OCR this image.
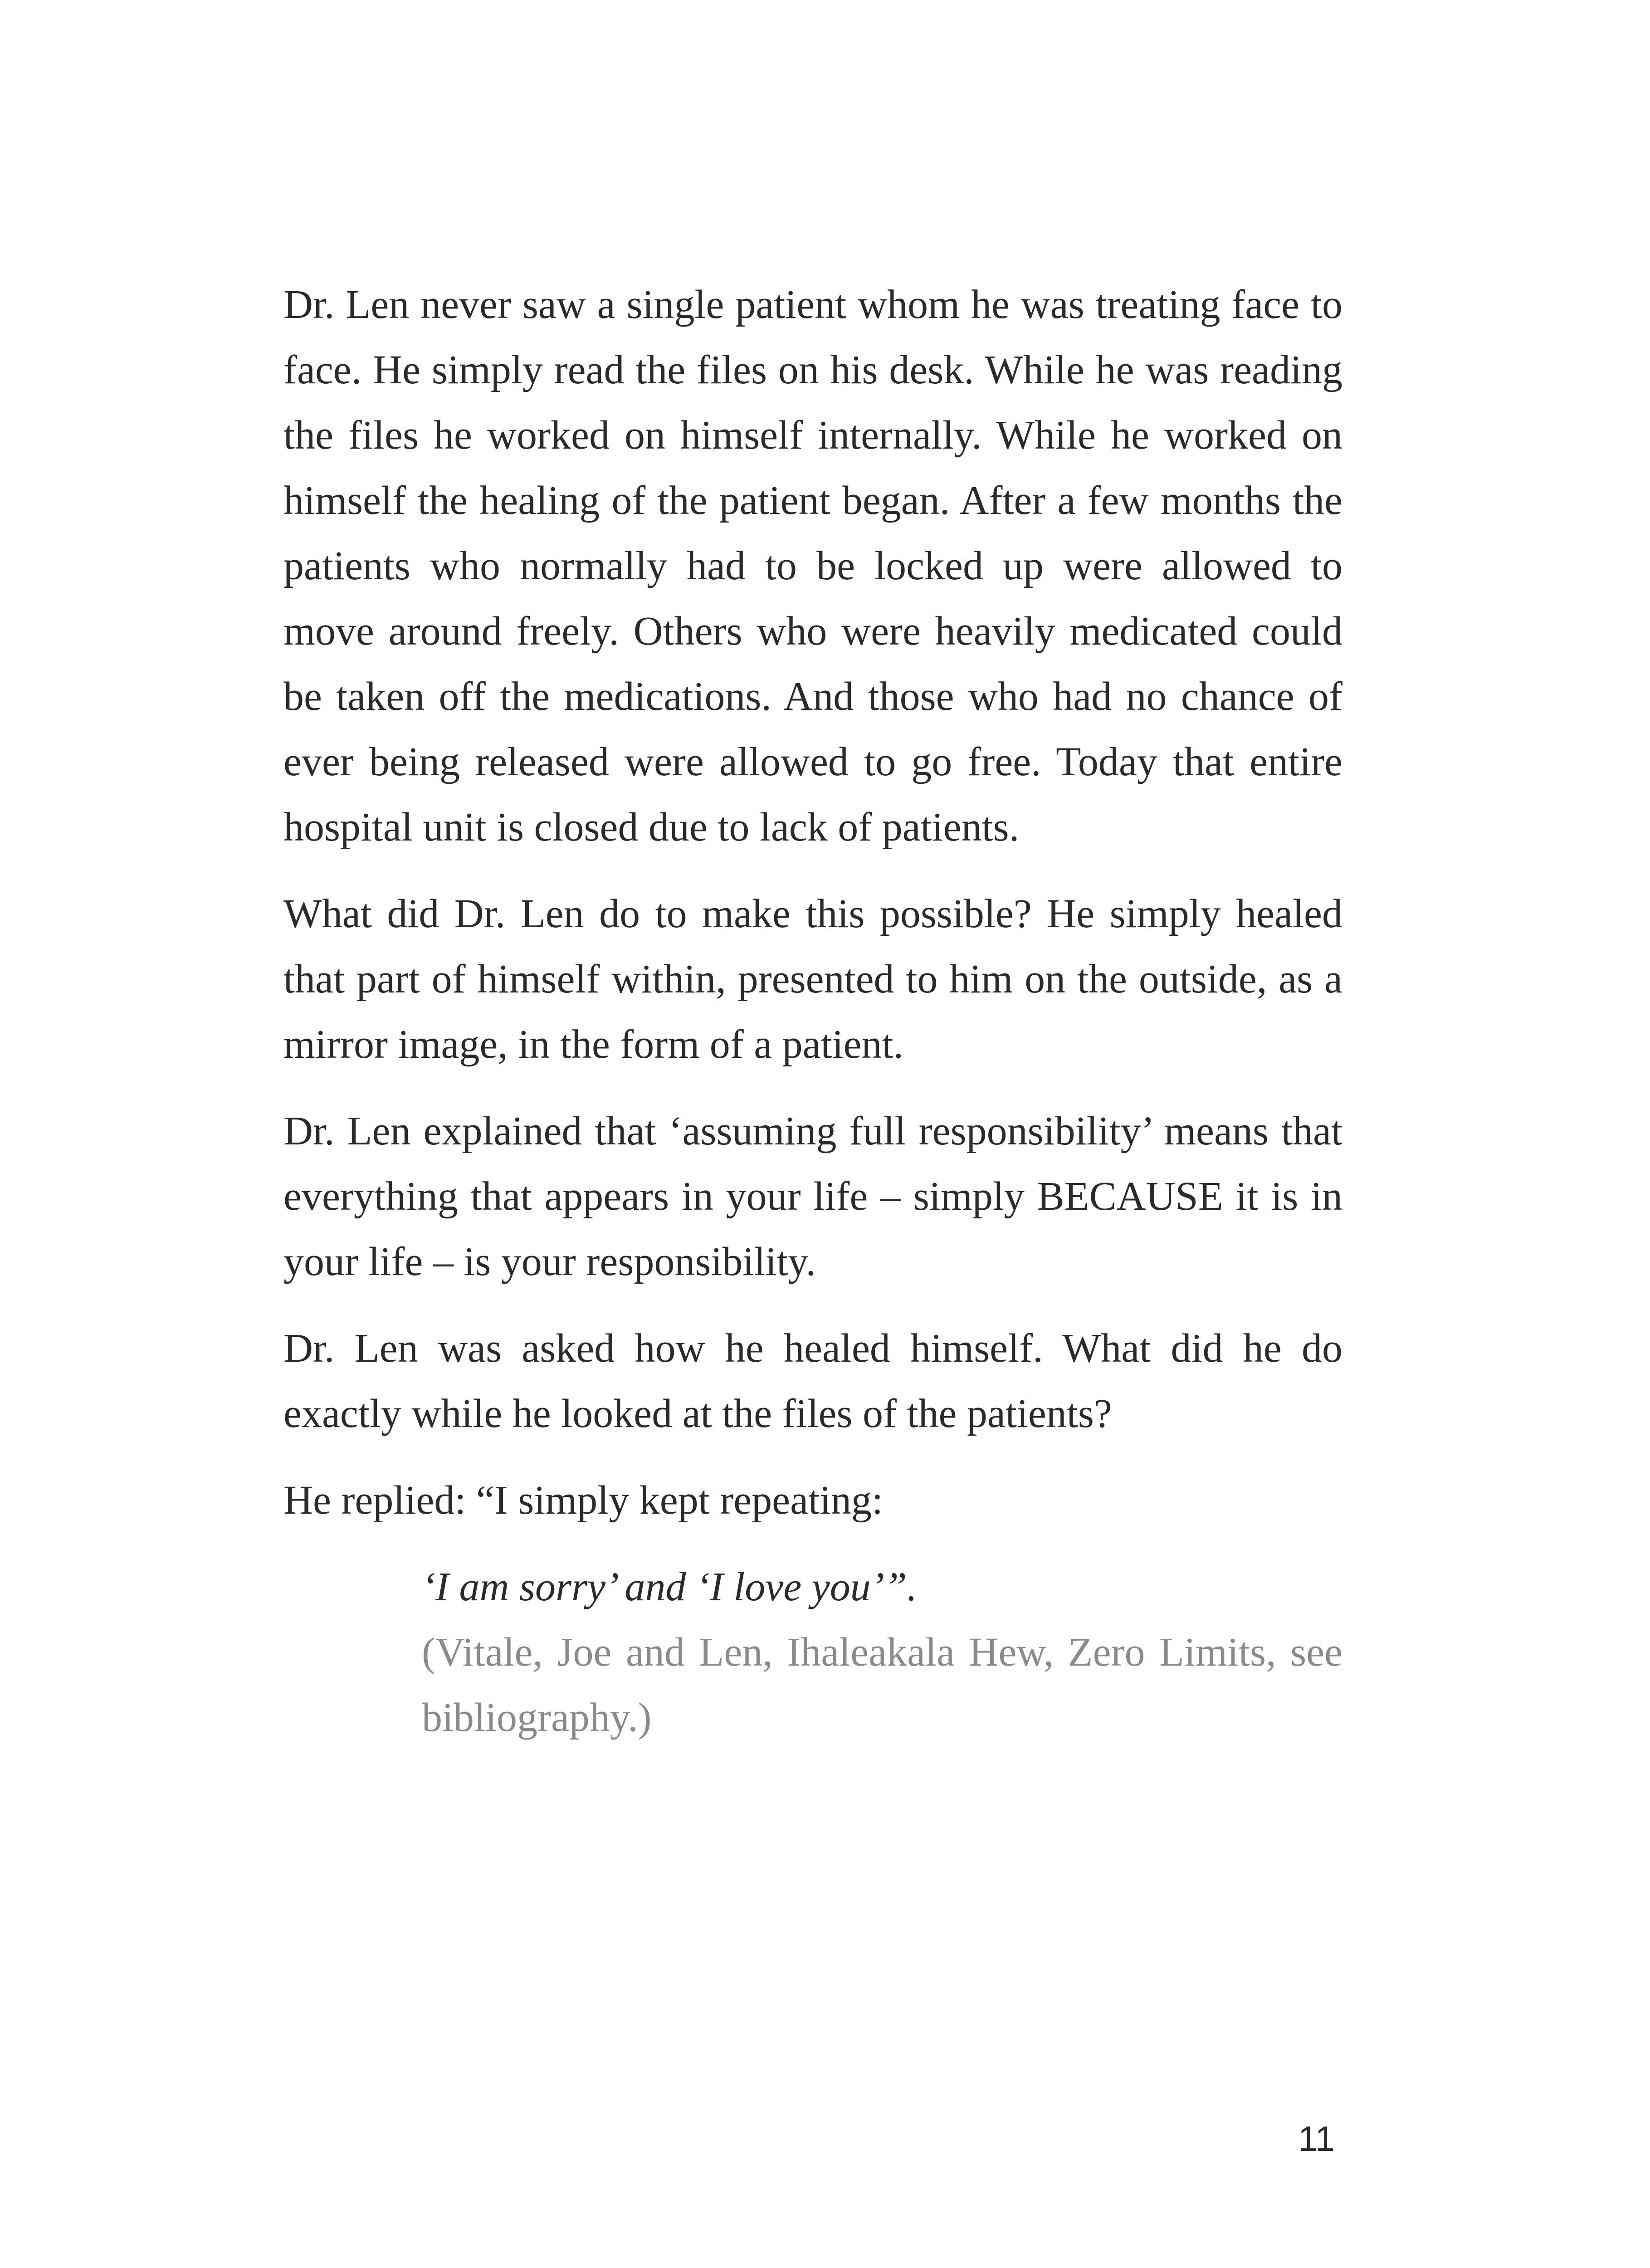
Dr. Len never saw a single patient whom he was treating face to face. He simply read the files on his desk. While he was reading the files he worked on himself internally. While he worked on himself the healing of the patient began. After a few months the patients who normally had to be locked up were allowed to move around freely. Others who were heavily medicated could be taken off the medications. And those who had no chance of ever being released were allowed to go free. Today that entire hospital unit is closed due to lack of patients.

What did Dr. Len do to make this possible? He simply healed that part of himself within, presented to him on the outside, as a mirror image, in the form of a patient.

Dr. Len explained that ‘assuming full responsibility’ means that everything that appears in your life – simply BECAUSE it is in your life – is your responsibility.

Dr. Len was asked how he healed himself. What did he do exactly while he looked at the files of the patients?

He replied: “I simply kept repeating:

‘I am sorry’ and ‘I love you’”.

(Vitale, Joe and Len, Ihaleakala Hew, Zero Limits, see bibliography.)

11
